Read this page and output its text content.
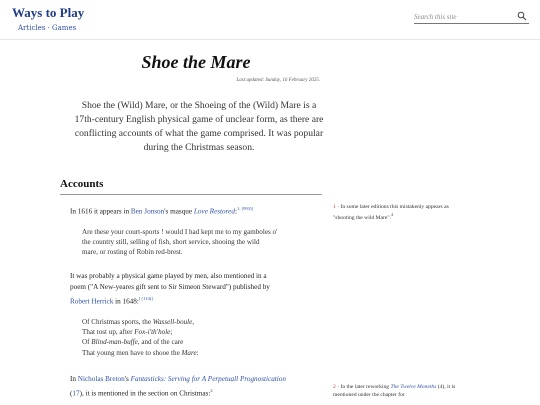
Ways to Play
Articles · Games
Search this site
Shoe the Mare
Last updated: Sunday, 16 February 2025.

Shoe the (Wild) Mare, or the Shoeing of the (Wild) Mare is a 17th-century English physical game of unclear form, as there are conflicting accounts of what the game comprised. It was popular during the Christmas season.

Accounts
In 1616 it appears in Ben Jonson's masque Love Restored:$^{1, (993)]}$
Are these your court-sports ! would I had kept me to my gamboles o'
the country still, selling of fish, short service, shooing the wild
mare, or rosting of Robin red-brest.
It was probably a physical game played by men, also mentioned in a
poem ("A New-yeares gift sent to Sir Simeon Steward") published by
Robert Herrick in 1648:[ (114)]
Of Christmas sports, the Wassell-boule,
That tost up, after Fox-i'th'hole;
Of Blind-man-buffe, and of the care
That young men have to shooe the Mare:
In Nicholas Breton's Fantasticks: Serving for A Perpetuall Prognostication
(17), it is mentioned in the section on Christmas:$^2$
1 · In some later editions this mistakenly appears as "shooting the wild Mare".$^4$
2 · In the later reworking The Twelve Moneths (4), it is mentioned under the chapter for
